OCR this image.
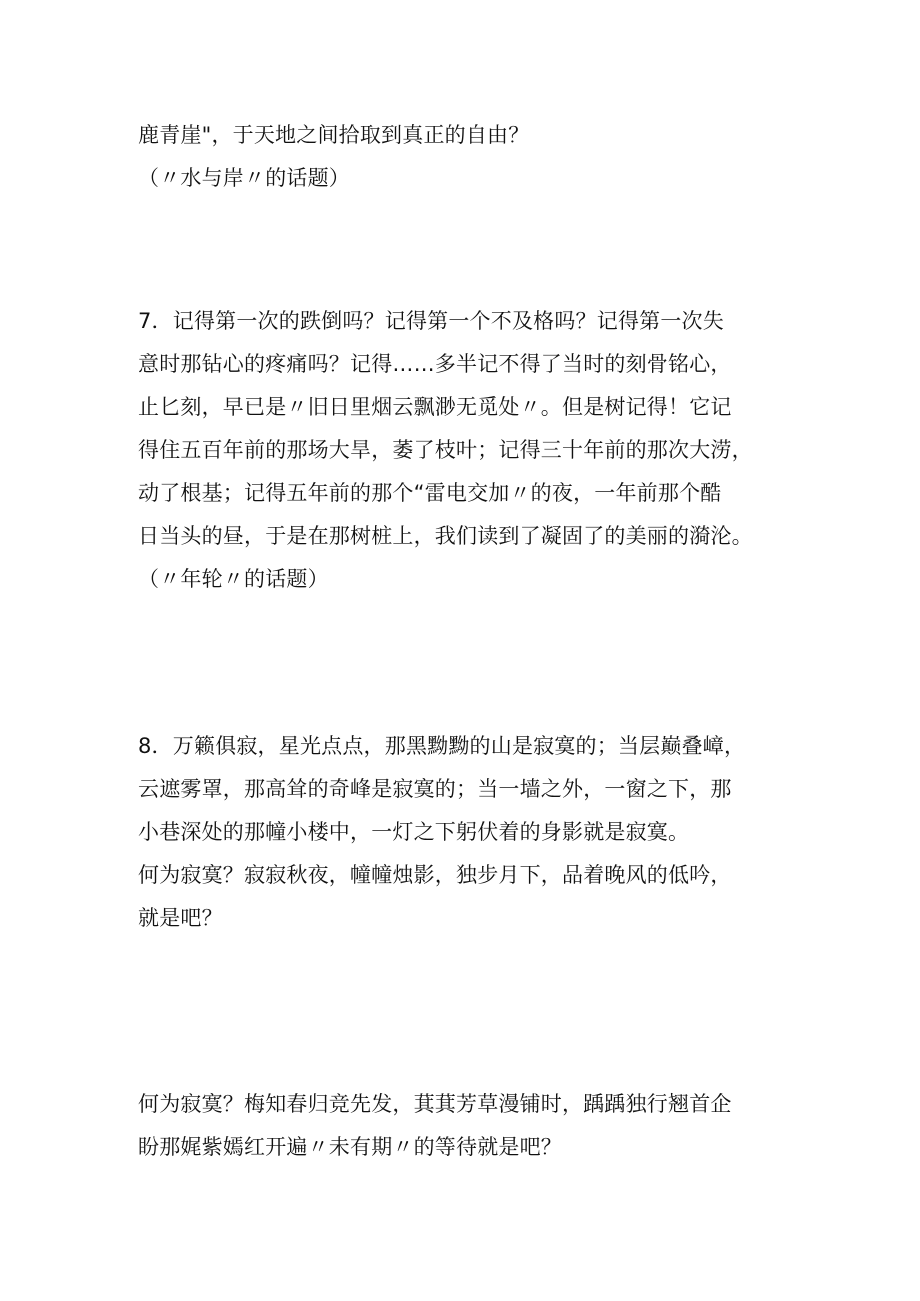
鹿青崖"，于天地之间拾取到真正的自由？
（〃水与岸〃的话题）
7．记得第一次的跌倒吗？记得第一个不及格吗？记得第一次失
意时那钻心的疼痛吗？记得……多半记不得了当时的刻骨铭心，
止匕刻，早已是〃旧日里烟云飘渺无觅处〃。但是树记得！它记
得住五百年前的那场大旱，萎了枝叶；记得三十年前的那次大涝，
动了根基；记得五年前的那个“雷电交加〃的夜，一年前那个酷
日当头的昼，于是在那树桩上，我们读到了凝固了的美丽的漪沦。
（〃年轮〃的话题）
8．万籁俱寂，星光点点，那黑黝黝的山是寂寞的；当层巅叠嶂，
云遮雾罩，那高耸的奇峰是寂寞的；当一墙之外，一窗之下，那
小巷深处的那幢小楼中，一灯之下躬伏着的身影就是寂寞。
何为寂寞？寂寂秋夜，幢幢烛影，独步月下，品着晚风的低吟，
就是吧？
何为寂寞？梅知春归竞先发，萁萁芳草漫铺时，踽踽独行翘首企
盼那娓紫嫣红开遍〃未有期〃的等待就是吧？
